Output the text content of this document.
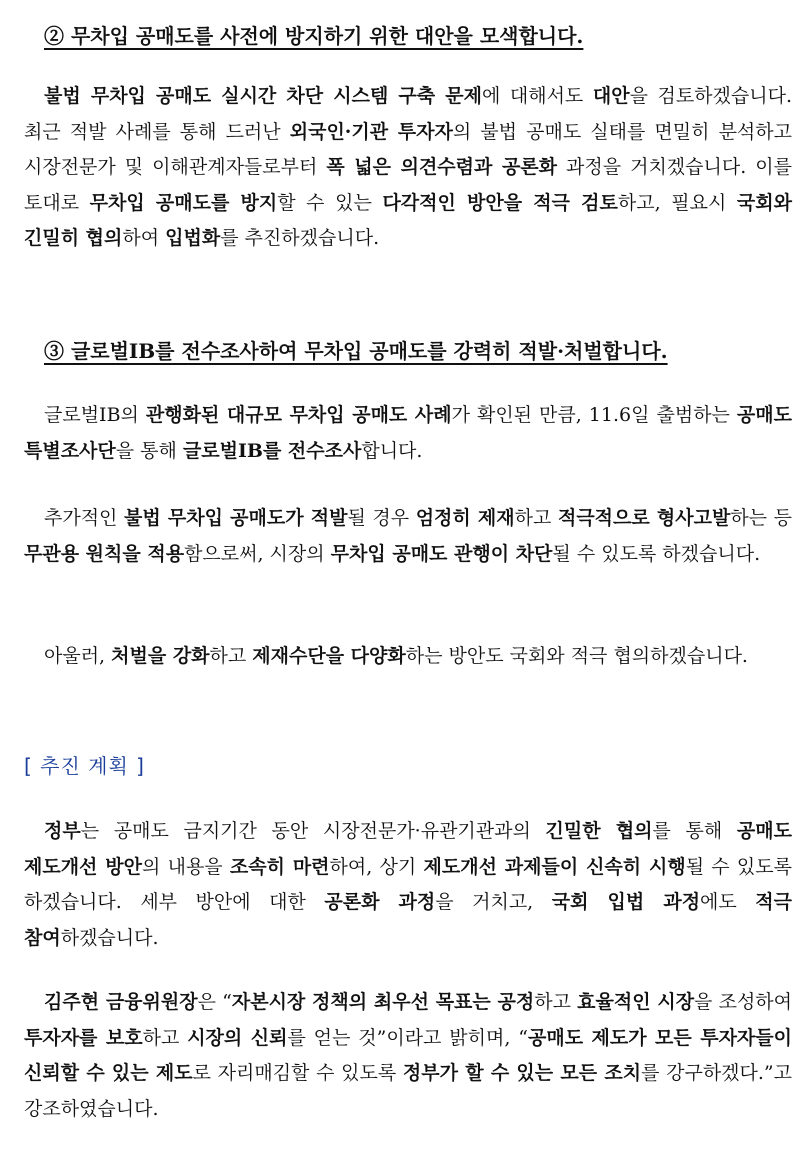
② 무차입 공매도를 사전에 방지하기 위한 대안을 모색합니다.

불법 무차입 공매도 실시간 차단 시스템 구축 문제에 대해서도 대안을 검토하겠습니다. 최근 적발 사례를 통해 드러난 외국인·기관 투자자의 불법 공매도 실태를 면밀히 분석하고 시장전문가 및 이해관계자들로부터 폭 넓은 의견수렴과 공론화 과정을 거치겠습니다. 이를 토대로 무차입 공매도를 방지할 수 있는 다각적인 방안을 적극 검토하고, 필요시 국회와 긴밀히 협의하여 입법화를 추진하겠습니다.

③ 글로벌IB를 전수조사하여 무차입 공매도를 강력히 적발·처벌합니다.

글로벌IB의 관행화된 대규모 무차입 공매도 사례가 확인된 만큼, 11.6일 출범하는 공매도 특별조사단을 통해 글로벌IB를 전수조사합니다.

추가적인 불법 무차입 공매도가 적발될 경우 엄정히 제재하고 적극적으로 형사고발하는 등 무관용 원칙을 적용함으로써, 시장의 무차입 공매도 관행이 차단될 수 있도록 하겠습니다.

아울러, 처벌을 강화하고 제재수단을 다양화하는 방안도 국회와 적극 협의하겠습니다.

[ 추진 계획 ]

정부는 공매도 금지기간 동안 시장전문가·유관기관과의 긴밀한 협의를 통해 공매도 제도개선 방안의 내용을 조속히 마련하여, 상기 제도개선 과제들이 신속히 시행될 수 있도록 하겠습니다. 세부 방안에 대한 공론화 과정을 거치고, 국회 입법 과정에도 적극 참여하겠습니다.

김주현 금융위원장은 “자본시장 정책의 최우선 목표는 공정하고 효율적인 시장을 조성하여 투자자를 보호하고 시장의 신뢰를 얻는 것”이라고 밝히며, “공매도 제도가 모든 투자자들이 신뢰할 수 있는 제도로 자리매김할 수 있도록 정부가 할 수 있는 모든 조치를 강구하겠다.”고 강조하였습니다.
